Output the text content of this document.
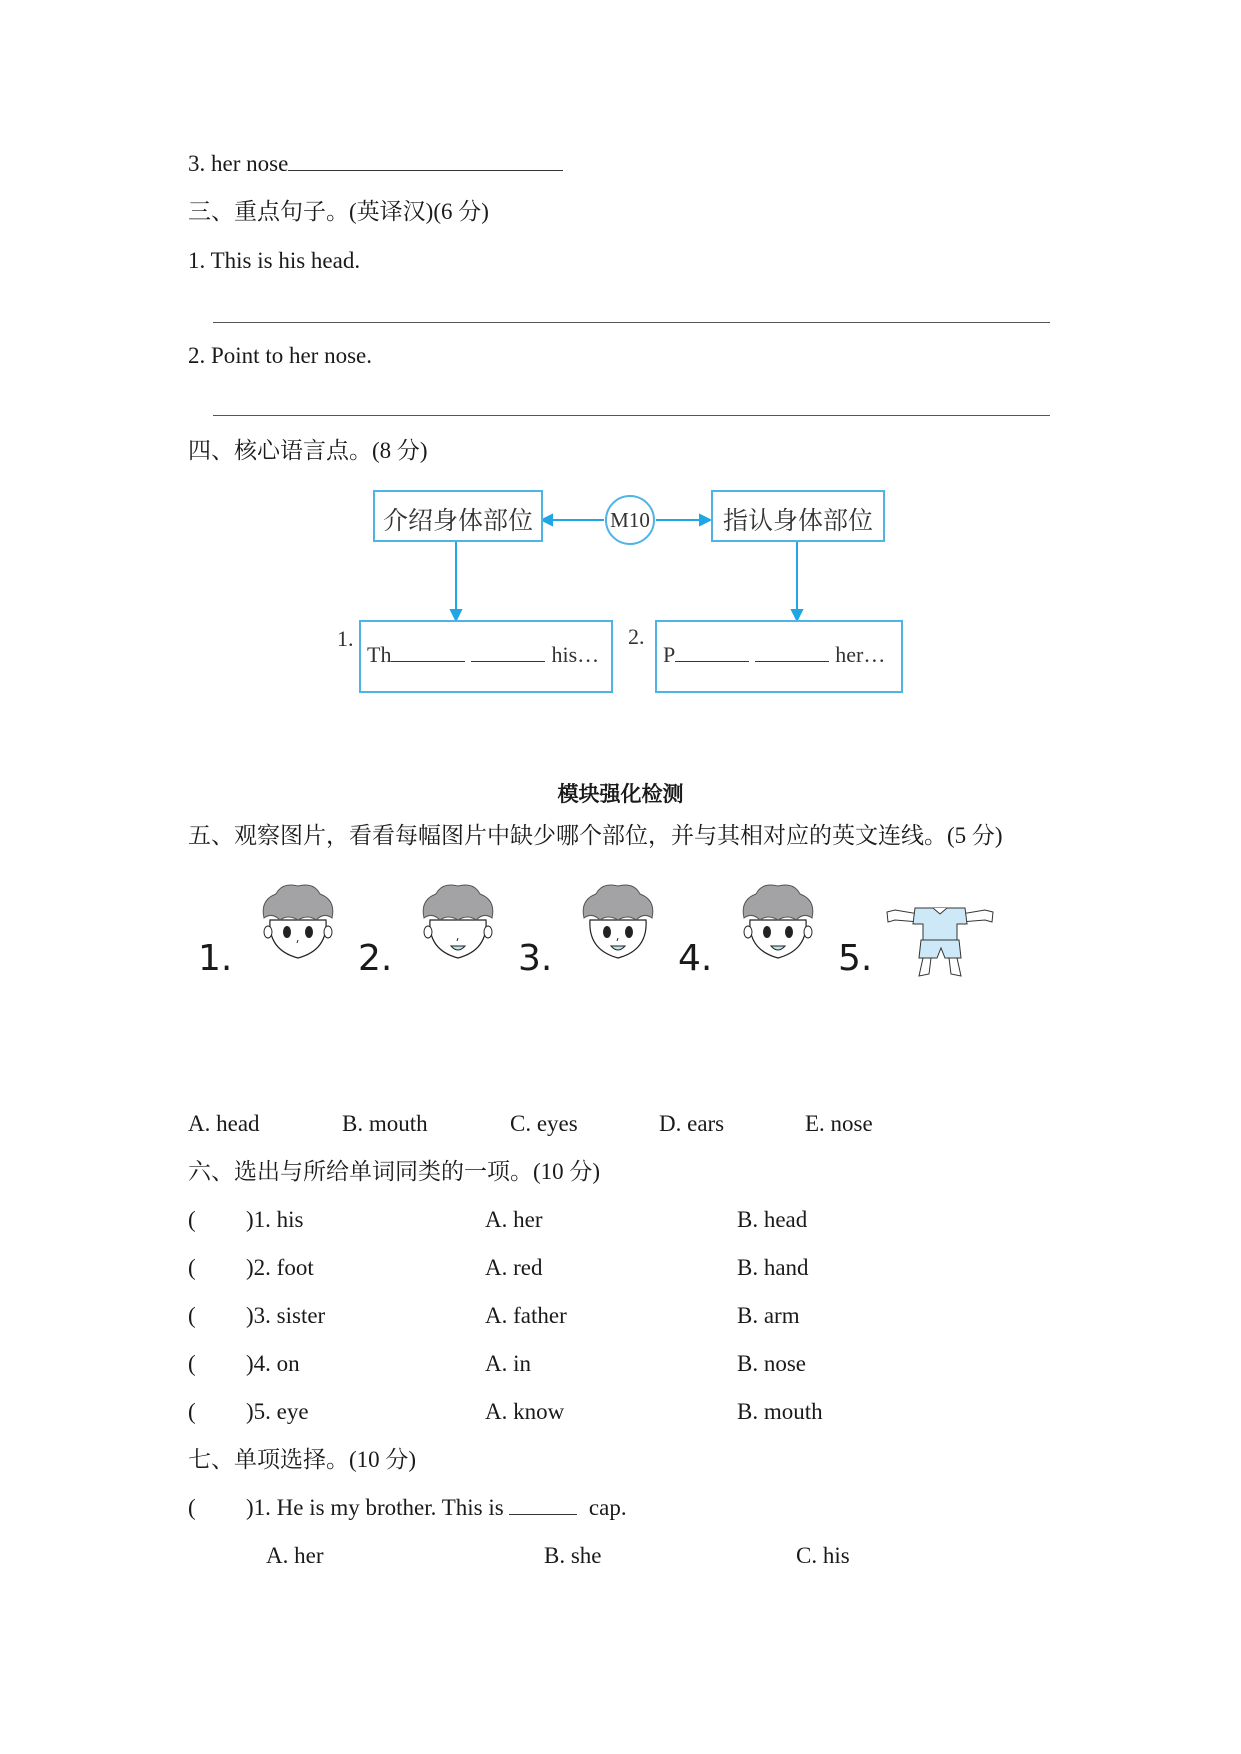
3. her nose
三、重点句子。(英译汉)(6 分)
1. This is his head.
2. Point to her nose.
四、核心语言点。(8 分)
介绍身体部位	M10	指认身体部位
1.
Th	his…
2.
P	her…
模块强化检测
五、观察图片，看看每幅图片中缺少哪个部位，并与其相对应的英文连线。(5 分)
1.	2.	3.	4.	5.
A. head	B. mouth	C. eyes	D. ears	E. nose
六、选出与所给单词同类的一项。(10 分)
( )1. his	A. her	B. head
( )2. foot	A. red	B. hand
( )3. sister	A. father	B. arm
( )4. on	A. in	B. nose
( )5. eye	A. know	B. mouth
七、单项选择。(10 分)
( )1. He is my brother. This is	cap.
A. her	B. she	C. his
